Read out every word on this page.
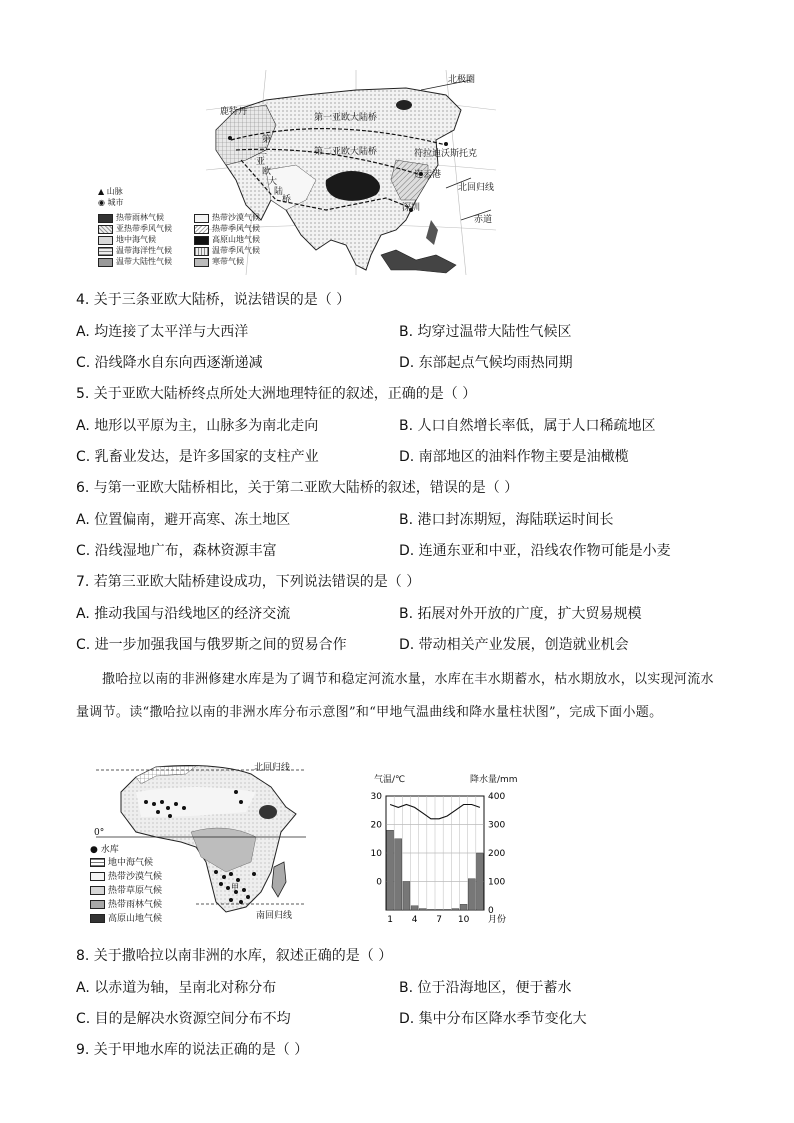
北极圈
鹿特丹
第一亚欧大陆桥
第二亚欧大陆桥	符拉迪沃斯托克
连云港
北回归线
深圳
赤道
第
三
亚
欧
大
陆
桥
▲ 山脉
◉ 城市
热带雨林气候
亚热带季风气候
地中海气候
温带海洋性气候
温带大陆性气候
热带沙漠气候
热带季风气候
高原山地气候
温带季风气候
寒带气候
4. 关于三条亚欧大陆桥，说法错误的是（ ）
A. 均连接了太平洋与大西洋	B. 均穿过温带大陆性气候区
C. 沿线降水自东向西逐渐递减	D. 东部起点气候均雨热同期
5. 关于亚欧大陆桥终点所处大洲地理特征的叙述，正确的是（ ）
A. 地形以平原为主，山脉多为南北走向	B. 人口自然增长率低，属于人口稀疏地区
C. 乳畜业发达，是许多国家的支柱产业	D. 南部地区的油料作物主要是油橄榄
6. 与第一亚欧大陆桥相比，关于第二亚欧大陆桥的叙述，错误的是（ ）
A. 位置偏南，避开高寒、冻土地区	B. 港口封冻期短，海陆联运时间长
C. 沿线湿地广布，森林资源丰富	D. 连通东亚和中亚，沿线农作物可能是小麦
7. 若第三亚欧大陆桥建设成功，下列说法错误的是（ ）
A. 推动我国与沿线地区的经济交流	B. 拓展对外开放的广度，扩大贸易规模
C. 进一步加强我国与俄罗斯之间的贸易合作	D. 带动相关产业发展，创造就业机会
撒哈拉以南的非洲修建水库是为了调节和稳定河流水量，水库在丰水期蓄水，枯水期放水，以实现河流水量调节。读“撒哈拉以南的非洲水库分布示意图”和“甲地气温曲线和降水量柱状图”，完成下面小题。
北回归线
0°
南回归线
甲
● 水库
地中海气候
热带沙漠气候
热带草原气候
热带雨林气候
高原山地气候
气温/℃	降水量/mm
30
20
10
0
400
300
200
100
0
1 4 7 10 月份
8. 关于撒哈拉以南非洲的水库，叙述正确的是（ ）
A. 以赤道为轴，呈南北对称分布	B. 位于沿海地区，便于蓄水
C. 目的是解决水资源空间分布不均	D. 集中分布区降水季节变化大
9. 关于甲地水库的说法正确的是（ ）
